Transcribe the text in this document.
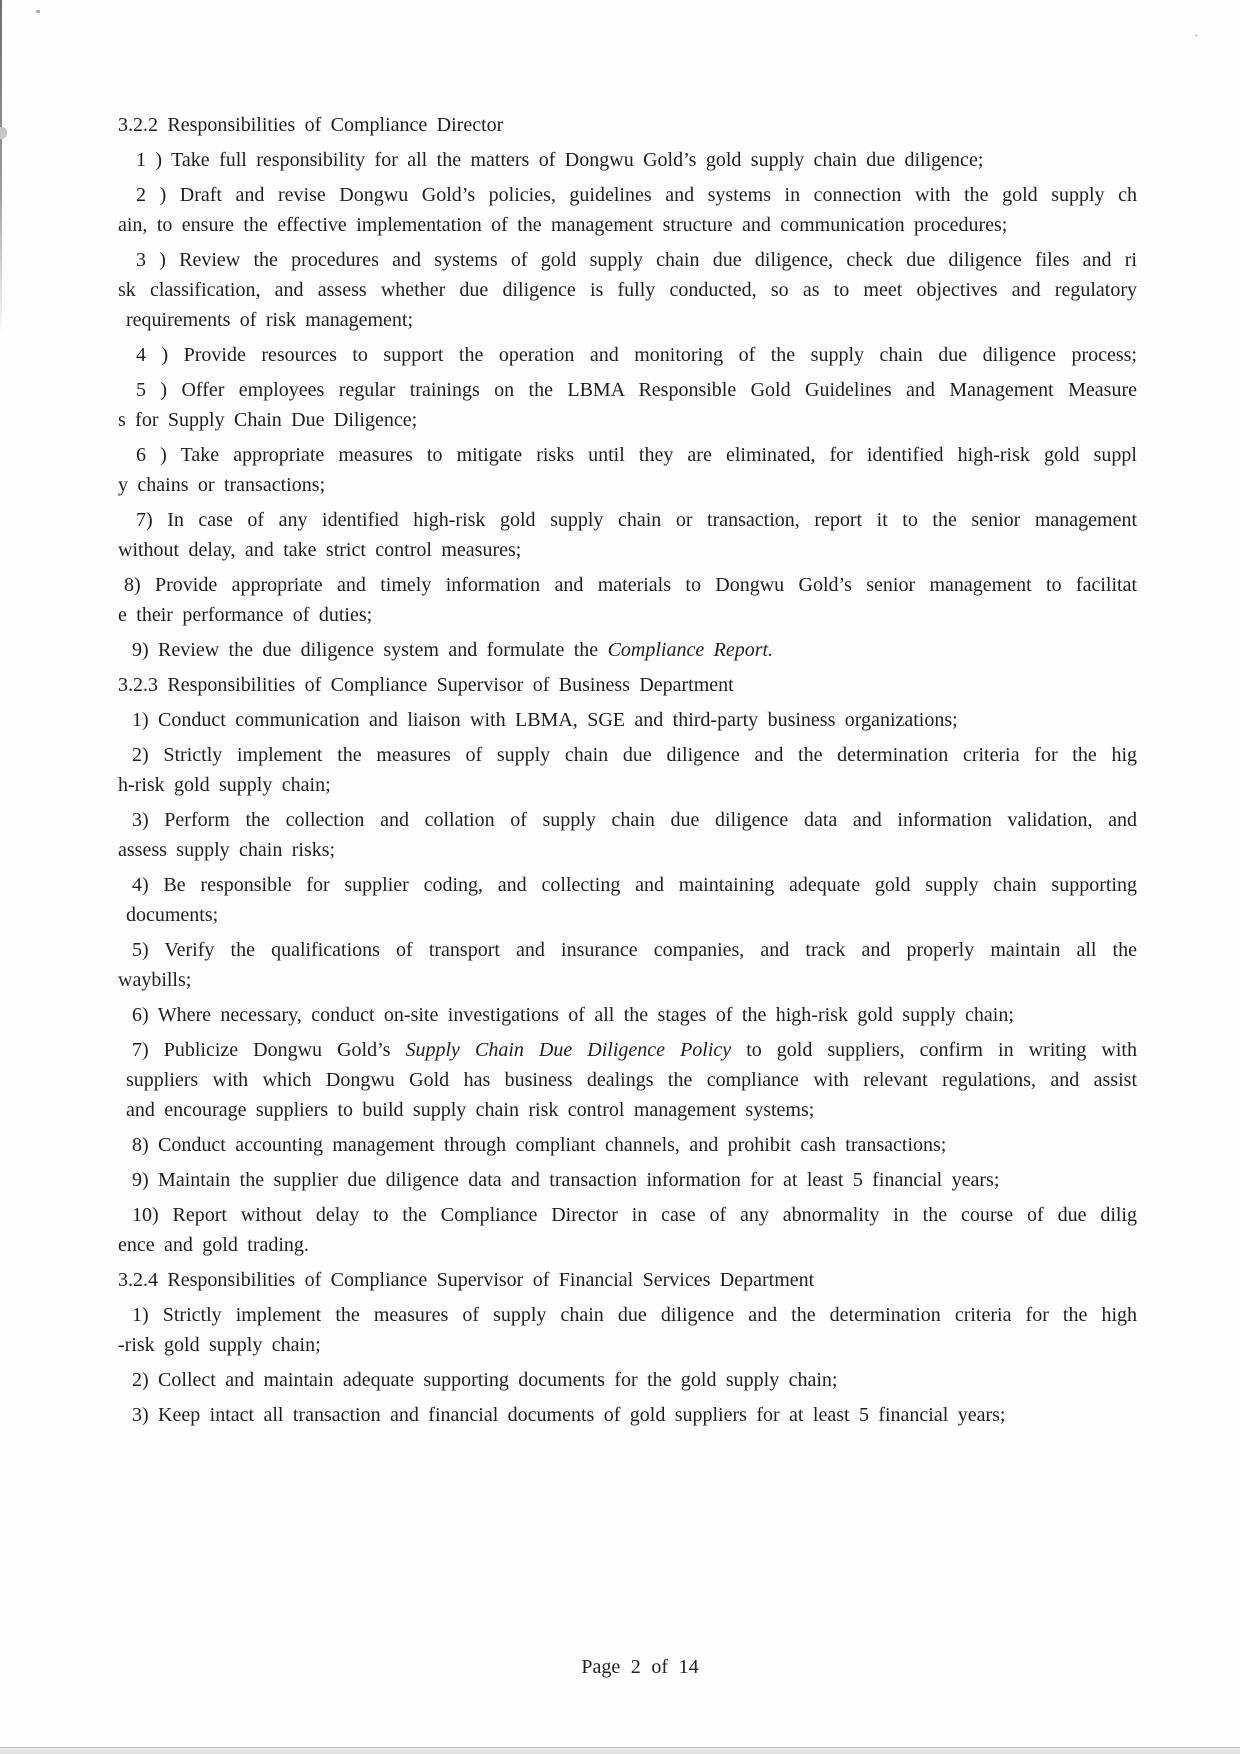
3.2.2 Responsibilities of Compliance Director
1 ) Take full responsibility for all the matters of Dongwu Gold’s gold supply chain due diligence;
2 ) Draft and revise Dongwu Gold’s policies, guidelines and systems in connection with the gold supply ch
ain, to ensure the effective implementation of the management structure and communication procedures;
3 ) Review the procedures and systems of gold supply chain due diligence, check due diligence files and ri
sk classification, and assess whether due diligence is fully conducted, so as to meet objectives and regulatory
requirements of risk management;
4 ) Provide resources to support the operation and monitoring of the supply chain due diligence process;
5 ) Offer employees regular trainings on the LBMA Responsible Gold Guidelines and Management Measure
s for Supply Chain Due Diligence;
6 ) Take appropriate measures to mitigate risks until they are eliminated, for identified high-risk gold suppl
y chains or transactions;
7) In case of any identified high-risk gold supply chain or transaction, report it to the senior management
without delay, and take strict control measures;
8) Provide appropriate and timely information and materials to Dongwu Gold’s senior management to facilitat
e their performance of duties;
9) Review the due diligence system and formulate the Compliance Report.
3.2.3 Responsibilities of Compliance Supervisor of Business Department
1) Conduct communication and liaison with LBMA, SGE and third-party business organizations;
2) Strictly implement the measures of supply chain due diligence and the determination criteria for the hig
h-risk gold supply chain;
3) Perform the collection and collation of supply chain due diligence data and information validation, and
assess supply chain risks;
4) Be responsible for supplier coding, and collecting and maintaining adequate gold supply chain supporting
documents;
5) Verify the qualifications of transport and insurance companies, and track and properly maintain all the
waybills;
6) Where necessary, conduct on-site investigations of all the stages of the high-risk gold supply chain;
7) Publicize Dongwu Gold’s Supply Chain Due Diligence Policy to gold suppliers, confirm in writing with
suppliers with which Dongwu Gold has business dealings the compliance with relevant regulations, and assist
and encourage suppliers to build supply chain risk control management systems;
8) Conduct accounting management through compliant channels, and prohibit cash transactions;
9) Maintain the supplier due diligence data and transaction information for at least 5 financial years;
10) Report without delay to the Compliance Director in case of any abnormality in the course of due dilig
ence and gold trading.
3.2.4 Responsibilities of Compliance Supervisor of Financial Services Department
1) Strictly implement the measures of supply chain due diligence and the determination criteria for the high
-risk gold supply chain;
2) Collect and maintain adequate supporting documents for the gold supply chain;
3) Keep intact all transaction and financial documents of gold suppliers for at least 5 financial years;
Page 2 of 14
